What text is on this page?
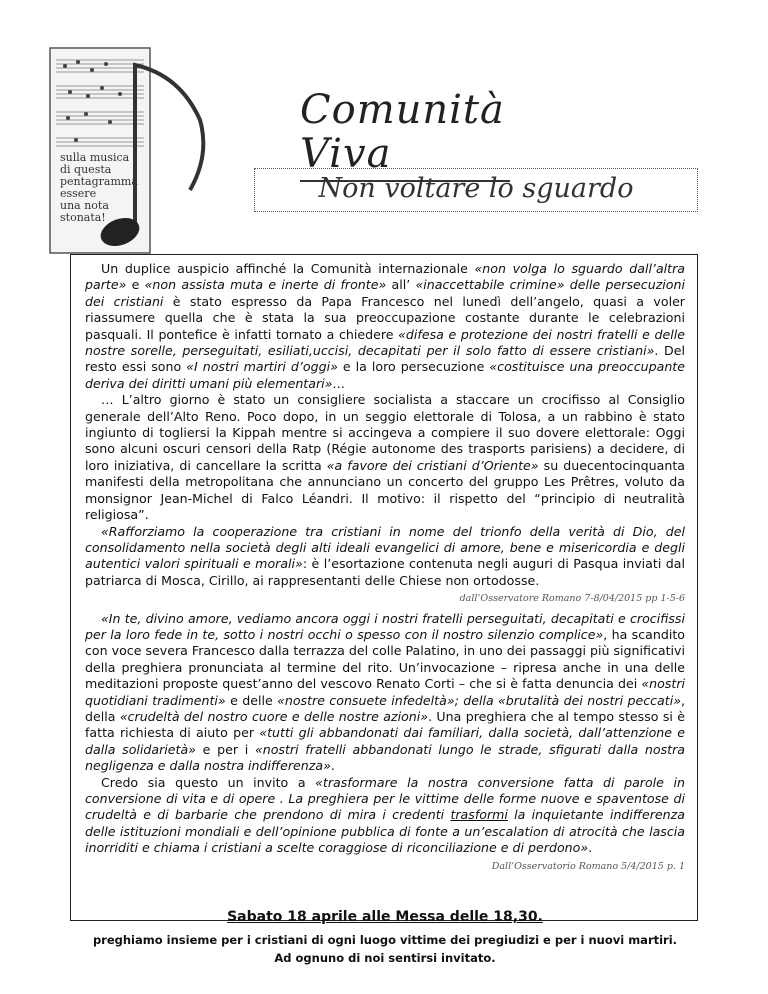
sulla musica
di questa
pentagramma
essere
una nota
stonata!
Comunità Viva
Non voltare lo sguardo

Un duplice auspicio affinché la Comunità internazionale «non volga lo sguardo dall’altra parte» e «non assista muta e inerte di fronte» all’ «inaccettabile crimine» delle persecuzioni dei cristiani è stato espresso da Papa Francesco nel lunedì dell’angelo, quasi a voler riassumere quella che è stata la sua preoccupazione costante durante le celebrazioni pasquali. Il pontefice è infatti tornato a chiedere «difesa e protezione dei nostri fratelli e delle nostre sorelle, perseguitati, esiliati,uccisi, decapitati per il solo fatto di essere cristiani». Del resto essi sono «I nostri martiri d’oggi» e la loro persecuzione «costituisce una preoccupante deriva dei diritti umani più elementari»…

… L’altro giorno è stato un consigliere socialista a staccare un crocifisso al Consiglio generale dell’Alto Reno. Poco dopo, in un seggio elettorale di Tolosa, a un rabbino è stato ingiunto di togliersi la Kippah mentre si accingeva a compiere il suo dovere elettorale: Oggi sono alcuni oscuri censori della Ratp (Régie autonome des trasports parisiens) a decidere, di loro iniziativa, di cancellare la scritta «a favore dei cristiani d’Oriente» su duecentocinquanta manifesti della metropolitana che annunciano un concerto del gruppo Les Prêtres, voluto da monsignor Jean-Michel di Falco Léandri. Il motivo: il rispetto del “principio di neutralità religiosa”.

«Rafforziamo la cooperazione tra cristiani in nome del trionfo della verità di Dio, del consolidamento nella società degli alti ideali evangelici di amore, bene e misericordia e degli autentici valori spirituali e morali»: è l’esortazione contenuta negli auguri di Pasqua inviati dal patriarca di Mosca, Cirillo, ai rappresentanti delle Chiese non ortodosse.

dall’Osservatore Romano 7-8/04/2015 pp 1-5-6

«In te, divino amore, vediamo ancora oggi i nostri fratelli perseguitati, decapitati e crocifissi per la loro fede in te, sotto i nostri occhi o spesso con il nostro silenzio complice», ha scandito con voce severa Francesco dalla terrazza del colle Palatino, in uno dei passaggi più significativi della preghiera pronunciata al termine del rito. Un’invocazione – ripresa anche in una delle meditazioni proposte quest’anno del vescovo Renato Corti – che si è fatta denuncia dei «nostri quotidiani tradimenti» e delle «nostre consuete infedeltà»; della «brutalità dei nostri peccati», della «crudeltà del nostro cuore e delle nostre azioni». Una preghiera che al tempo stesso si è fatta richiesta di aiuto per «tutti gli abbandonati dai familiari, dalla società, dall’attenzione e dalla solidarietà» e per i «nostri fratelli abbandonati lungo le strade, sfigurati dalla nostra negligenza e dalla nostra indifferenza».

Credo sia questo un invito a «trasformare la nostra conversione fatta di parole in conversione di vita e di opere . La preghiera per le vittime delle forme nuove e spaventose di crudeltà e di barbarie che prendono di mira i credenti trasformi la inquietante indifferenza delle istituzioni mondiali e dell’opinione pubblica di fonte a un’escalation di atrocità che lascia inorriditi e chiama i cristiani a scelte coraggiose di riconciliazione e di perdono».

Dall’Osservatorio Romano 5/4/2015 p. 1
Sabato 18 aprile alle Messa delle 18,30.
preghiamo insieme per i cristiani di ogni luogo vittime dei pregiudizi e per i nuovi martiri.
Ad ognuno di noi sentirsi invitato.
